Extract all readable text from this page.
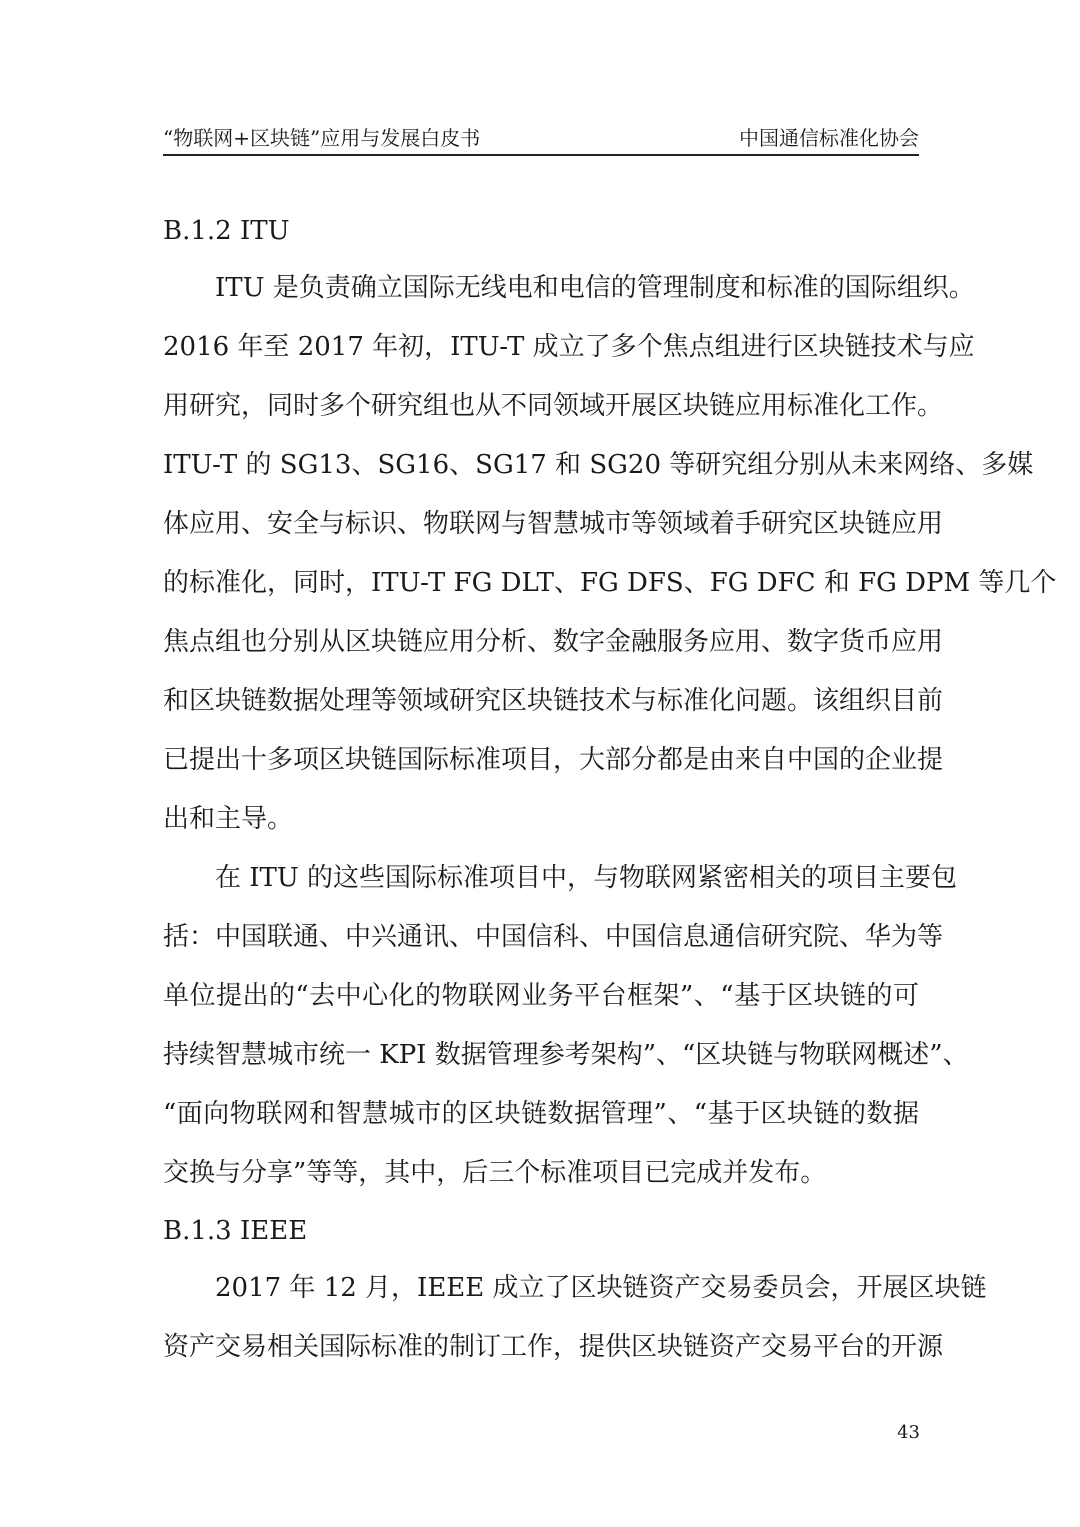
“物联网+区块链”应用与发展白皮书	中国通信标准化协会
B.1.2 ITU
ITU 是负责确立国际无线电和电信的管理制度和标准的国际组织。
2016 年至 2017 年初，ITU-T 成立了多个焦点组进行区块链技术与应
用研究，同时多个研究组也从不同领域开展区块链应用标准化工作。
ITU-T 的 SG13、SG16、SG17 和 SG20 等研究组分别从未来网络、多媒
体应用、安全与标识、物联网与智慧城市等领域着手研究区块链应用
的标准化，同时，ITU-T FG DLT、FG DFS、FG DFC 和 FG DPM 等几个
焦点组也分别从区块链应用分析、数字金融服务应用、数字货币应用
和区块链数据处理等领域研究区块链技术与标准化问题。该组织目前
已提出十多项区块链国际标准项目，大部分都是由来自中国的企业提
出和主导。
在 ITU 的这些国际标准项目中，与物联网紧密相关的项目主要包
括：中国联通、中兴通讯、中国信科、中国信息通信研究院、华为等
单位提出的“去中心化的物联网业务平台框架”、“基于区块链的可
持续智慧城市统一 KPI 数据管理参考架构”、“区块链与物联网概述”、
“面向物联网和智慧城市的区块链数据管理”、“基于区块链的数据
交换与分享”等等，其中，后三个标准项目已完成并发布。
B.1.3 IEEE
2017 年 12 月，IEEE 成立了区块链资产交易委员会，开展区块链
资产交易相关国际标准的制订工作，提供区块链资产交易平台的开源
43
